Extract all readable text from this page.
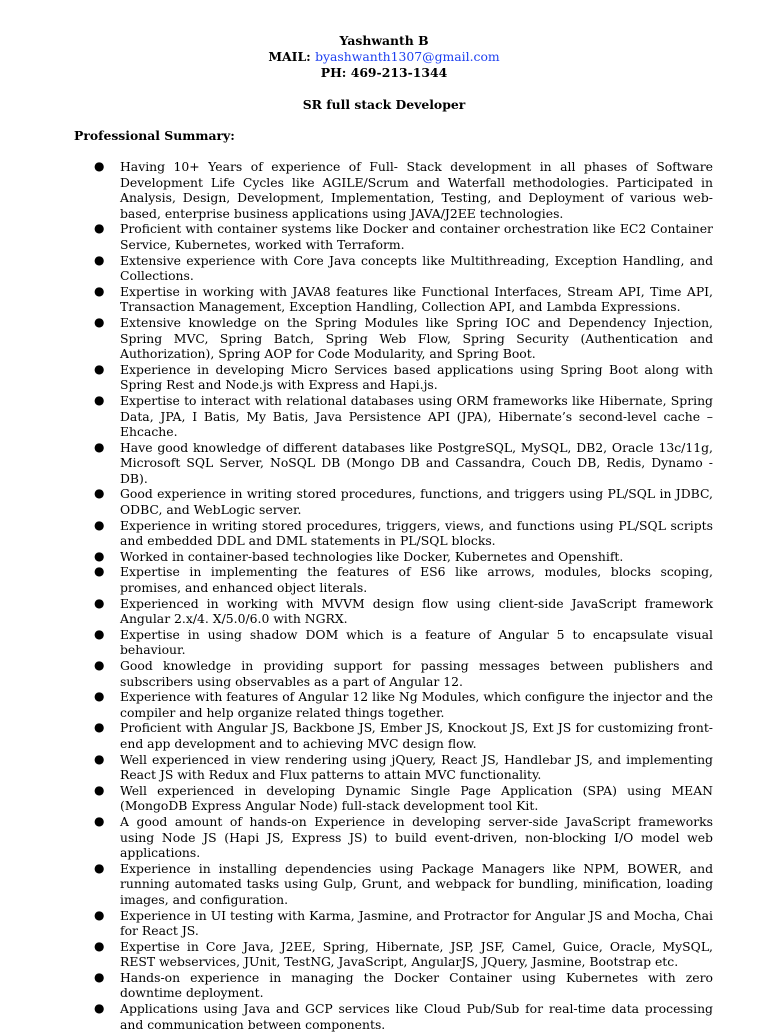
Yashwanth B
MAIL: byashwanth1307@gmail.com
PH: 469-213-1344
SR full stack Developer
Professional Summary:
● Having 10+ Years of experience of Full- Stack development in all phases of Software Development Life Cycles like AGILE/Scrum and Waterfall methodologies. Participated in Analysis, Design, Development, Implementation, Testing, and Deployment of various web-based, enterprise business applications using JAVA/J2EE technologies.
● Proficient with container systems like Docker and container orchestration like EC2 Container Service, Kubernetes, worked with Terraform.
● Extensive experience with Core Java concepts like Multithreading, Exception Handling, and Collections.
● Expertise in working with JAVA8 features like Functional Interfaces, Stream API, Time API, Transaction Management, Exception Handling, Collection API, and Lambda Expressions.
● Extensive knowledge on the Spring Modules like Spring IOC and Dependency Injection, Spring MVC, Spring Batch, Spring Web Flow, Spring Security (Authentication and Authorization), Spring AOP for Code Modularity, and Spring Boot.
● Experience in developing Micro Services based applications using Spring Boot along with Spring Rest and Node.js with Express and Hapi.js.
● Expertise to interact with relational databases using ORM frameworks like Hibernate, Spring Data, JPA, I Batis, My Batis, Java Persistence API (JPA), Hibernate’s second-level cache – Ehcache.
● Have good knowledge of different databases like PostgreSQL, MySQL, DB2, Oracle 13c/11g, Microsoft SQL Server, NoSQL DB (Mongo DB and Cassandra, Couch DB, Redis, Dynamo -DB).
● Good experience in writing stored procedures, functions, and triggers using PL/SQL in JDBC, ODBC, and WebLogic server.
● Experience in writing stored procedures, triggers, views, and functions using PL/SQL scripts and embedded DDL and DML statements in PL/SQL blocks.
● Worked in container-based technologies like Docker, Kubernetes and Openshift.
● Expertise in implementing the features of ES6 like arrows, modules, blocks scoping, promises, and enhanced object literals.
● Experienced in working with MVVM design flow using client-side JavaScript framework Angular 2.x/4. X/5.0/6.0 with NGRX.
● Expertise in using shadow DOM which is a feature of Angular 5 to encapsulate visual behaviour.
● Good knowledge in providing support for passing messages between publishers and subscribers using observables as a part of Angular 12.
● Experience with features of Angular 12 like Ng Modules, which configure the injector and the compiler and help organize related things together.
● Proficient with Angular JS, Backbone JS, Ember JS, Knockout JS, Ext JS for customizing front-end app development and to achieving MVC design flow.
● Well experienced in view rendering using jQuery, React JS, Handlebar JS, and implementing React JS with Redux and Flux patterns to attain MVC functionality.
● Well experienced in developing Dynamic Single Page Application (SPA) using MEAN (MongoDB Express Angular Node) full-stack development tool Kit.
● A good amount of hands-on Experience in developing server-side JavaScript frameworks using Node JS (Hapi JS, Express JS) to build event-driven, non-blocking I/O model web applications.
● Experience in installing dependencies using Package Managers like NPM, BOWER, and running automated tasks using Gulp, Grunt, and webpack for bundling, minification, loading images, and configuration.
● Experience in UI testing with Karma, Jasmine, and Protractor for Angular JS and Mocha, Chai for React JS.
● Expertise in Core Java, J2EE, Spring, Hibernate, JSP, JSF, Camel, Guice, Oracle, MySQL, REST webservices, JUnit, TestNG, JavaScript, AngularJS, JQuery, Jasmine, Bootstrap etc.
● Hands-on experience in managing the Docker Container using Kubernetes with zero downtime deployment.
● Applications using Java and GCP services like Cloud Pub/Sub for real-time data processing and communication between components.
